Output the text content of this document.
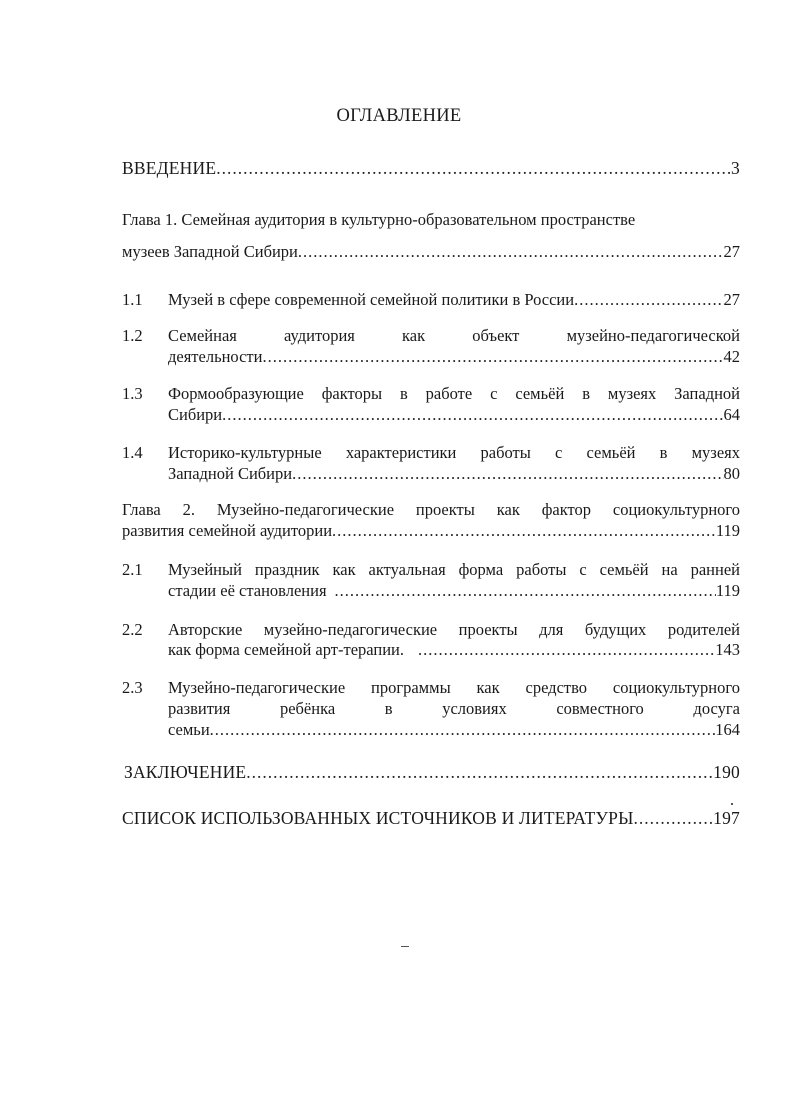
ОГЛАВЛЕНИЕ
ВВЕДЕНИЕ .....	3
Глава 1. Семейная аудитория в культурно-образовательном пространстве
музеев Западной Сибири .....	27
1.1 Музей в сфере современной семейной политики в России .....	27
1.2 Семейная	аудитория	как	объект	музейно-педагогической
деятельности .....	42
1.3 Формообразующие факторы в работе с семьёй в музеях Западной
Сибири .....	64
1.4 Историко-культурные характеристики работы с семьёй в музеях
Западной Сибири .....	80
Глава 2. Музейно-педагогические проекты как фактор социокультурного
развития семейной аудитории .....	119
2.1 Музейный праздник как актуальная форма работы с семьёй на ранней
стадии её становления .....	119
2.2 Авторские музейно-педагогические проекты для будущих родителей
как форма семейной арт-терапии. .....	143
2.3 Музейно-педагогические программы как средство социокультурного
развития	ребёнка	в	условиях	совместного	досуга
семьи .....	164
ЗАКЛЮЧЕНИЕ .....	190
СПИСОК ИСПОЛЬЗОВАННЫХ ИСТОЧНИКОВ И ЛИТЕРАТУРЫ .....	197
